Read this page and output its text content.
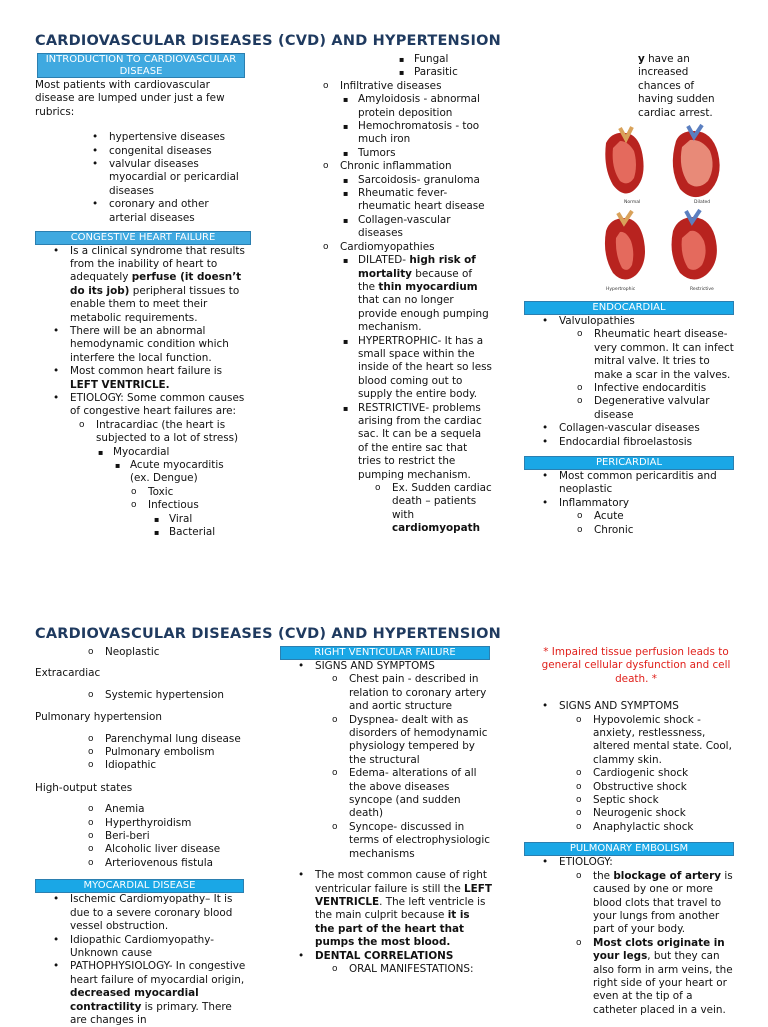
CARDIOVASCULAR DISEASES (CVD) AND HYPERTENSION
INTRODUCTION TO CARDIOVASCULAR DISEASE

Most patients with cardiovascular disease are lumped under just a few rubrics:

• hypertensive diseases
• congenital diseases
• valvular diseases myocardial or pericardial diseases
• coronary and other arterial diseases
CONGESTIVE HEART FAILURE
• Is a clinical syndrome that results from the inability of heart to adequately perfuse (it doesn’t do its job) peripheral tissues to enable them to meet their metabolic requirements.
• There will be an abnormal hemodynamic condition which interfere the local function.
• Most common heart failure is LEFT VENTRICLE.
• ETIOLOGY: Some common causes of congestive heart failures are:
o Intracardiac (the heart is subjected to a lot of stress)
▪ Myocardial
▪ Acute myocarditis (ex. Dengue)
o Toxic
o Infectious
▪ Viral
▪ Bacterial
▪ Fungal
▪ Parasitic
o Infiltrative diseases
▪ Amyloidosis - abnormal protein deposition
▪ Hemochromatosis - too much iron
▪ Tumors
o Chronic inflammation
▪ Sarcoidosis- granuloma
▪ Rheumatic fever- rheumatic heart disease
▪ Collagen-vascular diseases
o Cardiomyopathies
▪ DILATED- high risk of mortality because of the thin myocardium that can no longer provide enough pumping mechanism.
▪ HYPERTROPHIC- It has a small space within the inside of the heart so less blood coming out to supply the entire body.
▪ RESTRICTIVE- problems arising from the cardiac sac. It can be a sequela of the entire sac that tries to restrict the pumping mechanism.
o Ex. Sudden cardiac death – patients with cardiomyopath

y have an increased chances of having sudden cardiac arrest.

Normal	Dilated
Hypertrophic	Restrictive
ENDOCARDIAL
• Valvulopathies
o Rheumatic heart disease- very common. It can infect mitral valve. It tries to make a scar in the valves.
o Infective endocarditis
o Degenerative valvular disease
• Collagen-vascular diseases
• Endocardial fibroelastosis
PERICARDIAL
• Most common pericarditis and neoplastic
• Inflammatory
o Acute
o Chronic
CARDIOVASCULAR DISEASES (CVD) AND HYPERTENSION
o Neoplastic

Extracardiac

o Systemic hypertension

Pulmonary hypertension

o Parenchymal lung disease
o Pulmonary embolism
o Idiopathic

High-output states

o Anemia
o Hyperthyroidism
o Beri-beri
o Alcoholic liver disease
o Arteriovenous fistula
MYOCARDIAL DISEASE
• Ischemic Cardiomyopathy– It is due to a severe coronary blood vessel obstruction.
• Idiopathic Cardiomyopathy- Unknown cause
• PATHOPHYSIOLOGY- In congestive heart failure of myocardial origin, decreased myocardial contractility is primary. There are changes in
RIGHT VENTICULAR FAILURE
• SIGNS AND SYMPTOMS
o Chest pain - described in relation to coronary artery and aortic structure
o Dyspnea- dealt with as disorders of hemodynamic physiology tempered by the structural
o Edema- alterations of all the above diseases syncope (and sudden death)
o Syncope- discussed in terms of electrophysiologic mechanisms
• The most common cause of right ventricular failure is still the LEFT VENTRICLE. The left ventricle is the main culprit because it is the part of the heart that pumps the most blood.
• DENTAL CORRELATIONS
o ORAL MANIFESTATIONS:

* Impaired tissue perfusion leads to general cellular dysfunction and cell death. *

• SIGNS AND SYMPTOMS
o Hypovolemic shock - anxiety, restlessness, altered mental state. Cool, clammy skin.
o Cardiogenic shock
o Obstructive shock
o Septic shock
o Neurogenic shock
o Anaphylactic shock
PULMONARY EMBOLISM
• ETIOLOGY:
o the blockage of artery is caused by one or more blood clots that travel to your lungs from another part of your body.
o Most clots originate in your legs, but they can also form in arm veins, the right side of your heart or even at the tip of a catheter placed in a vein.
